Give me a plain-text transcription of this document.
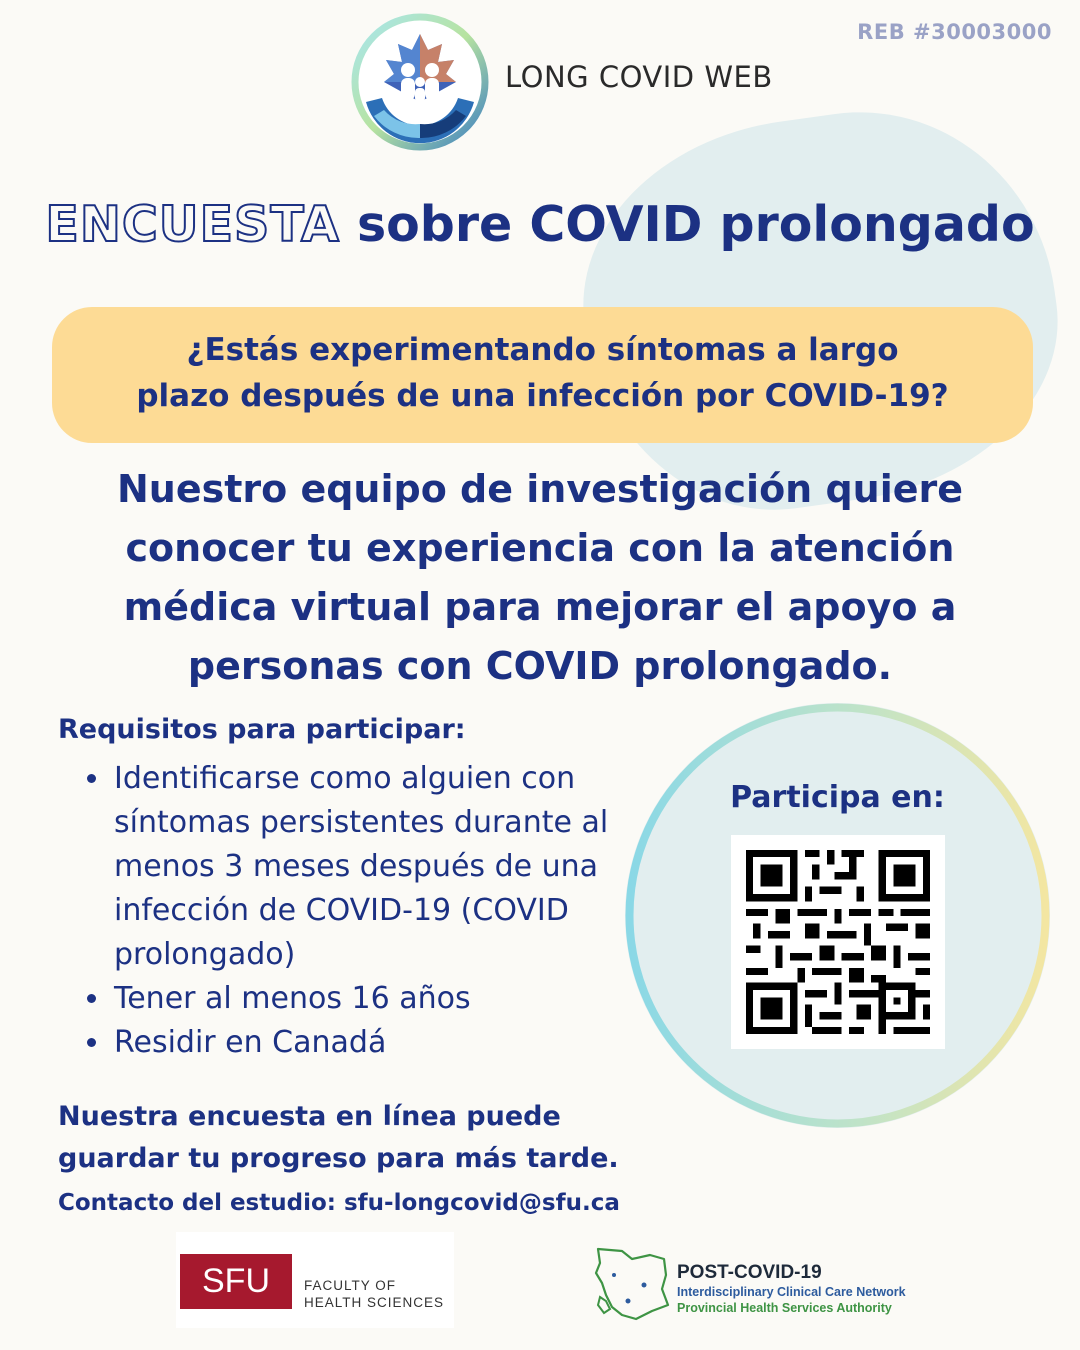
REB #30003000
LONG COVID WEB
ENCUESTA sobre COVID prolongado
¿Estás experimentando síntomas a largo
plazo después de una infección por COVID-19?
Nuestro equipo de investigación quiere
conocer tu experiencia con la atención
médica virtual para mejorar el apoyo a
personas con COVID prolongado.
Requisitos para participar:
• Identificarse como alguien con síntomas persistentes durante al menos 3 meses después de una infección de COVID-19 (COVID prolongado)
• Tener al menos 16 años
• Residir en Canadá
Nuestra encuesta en línea puede
guardar tu progreso para más tarde.
Contacto del estudio: sfu-longcovid@sfu.ca
Participa en:
SFU	FACULTY OF
HEALTH SCIENCES
POST-COVID-19
Interdisciplinary Clinical Care Network
Provincial Health Services Authority
